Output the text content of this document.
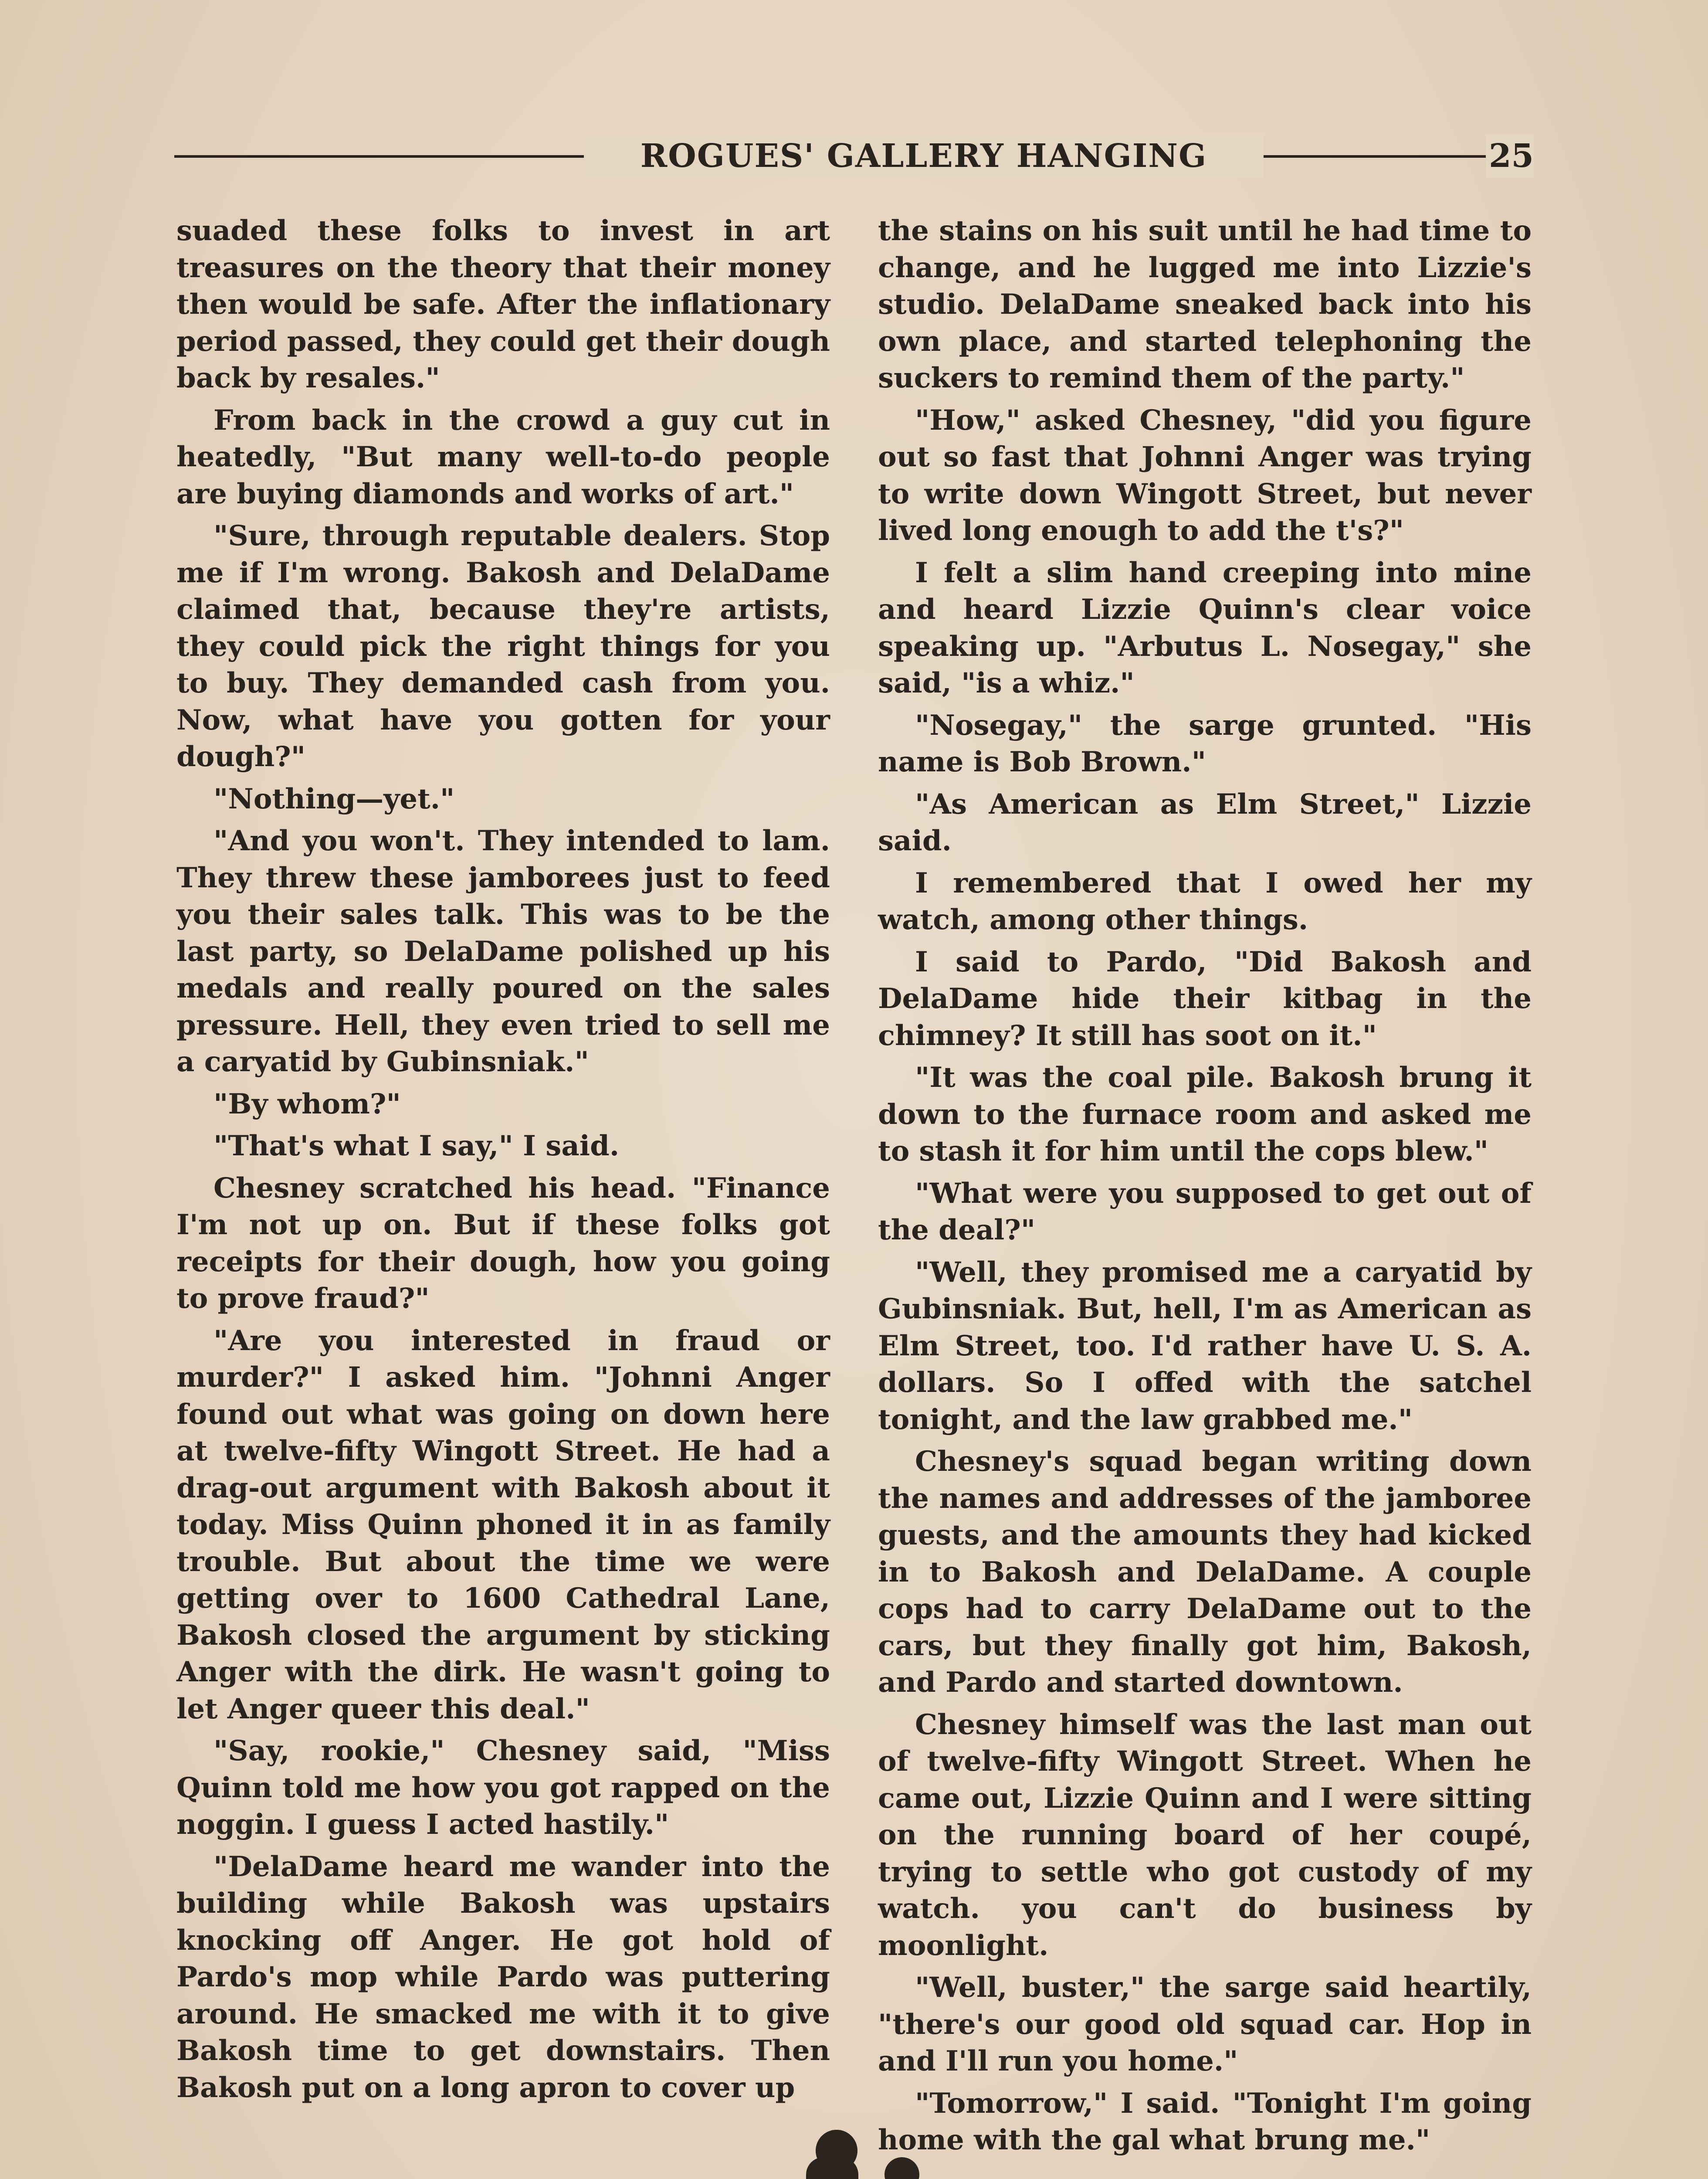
ROGUES' GALLERY HANGING	25

suaded these folks to invest in art treasures on the theory that their money then would be safe. After the inflationary period passed, they could get their dough back by resales."

From back in the crowd a guy cut in heatedly, "But many well-to-do people are buying diamonds and works of art."

"Sure, through reputable dealers. Stop me if I'm wrong. Bakosh and DelaDame claimed that, because they're artists, they could pick the right things for you to buy. They demanded cash from you. Now, what have you gotten for your dough?"

"Nothing—yet."

"And you won't. They intended to lam. They threw these jamborees just to feed you their sales talk. This was to be the last party, so DelaDame polished up his medals and really poured on the sales pressure. Hell, they even tried to sell me a caryatid by Gubinsniak."

"By whom?"

"That's what I say," I said.

Chesney scratched his head. "Finance I'm not up on. But if these folks got receipts for their dough, how you going to prove fraud?"

"Are you interested in fraud or murder?" I asked him. "Johnni Anger found out what was going on down here at twelve-fifty Wingott Street. He had a drag-out argument with Bakosh about it today. Miss Quinn phoned it in as family trouble. But about the time we were getting over to 1600 Cathedral Lane, Bakosh closed the argument by sticking Anger with the dirk. He wasn't going to let Anger queer this deal."

"Say, rookie," Chesney said, "Miss Quinn told me how you got rapped on the noggin. I guess I acted hastily."

"DelaDame heard me wander into the building while Bakosh was upstairs knocking off Anger. He got hold of Pardo's mop while Pardo was puttering around. He smacked me with it to give Bakosh time to get downstairs. Then Bakosh put on a long apron to cover up

the stains on his suit until he had time to change, and he lugged me into Lizzie's studio. DelaDame sneaked back into his own place, and started telephoning the suckers to remind them of the party."

"How," asked Chesney, "did you figure out so fast that Johnni Anger was trying to write down Wingott Street, but never lived long enough to add the t's?"

I felt a slim hand creeping into mine and heard Lizzie Quinn's clear voice speaking up. "Arbutus L. Nosegay," she said, "is a whiz."

"Nosegay," the sarge grunted. "His name is Bob Brown."

"As American as Elm Street," Lizzie said.

I remembered that I owed her my watch, among other things.

I said to Pardo, "Did Bakosh and DelaDame hide their kitbag in the chimney? It still has soot on it."

"It was the coal pile. Bakosh brung it down to the furnace room and asked me to stash it for him until the cops blew."

"What were you supposed to get out of the deal?"

"Well, they promised me a caryatid by Gubinsniak. But, hell, I'm as American as Elm Street, too. I'd rather have U. S. A. dollars. So I offed with the satchel tonight, and the law grabbed me."

Chesney's squad began writing down the names and addresses of the jamboree guests, and the amounts they had kicked in to Bakosh and DelaDame. A couple cops had to carry DelaDame out to the cars, but they finally got him, Bakosh, and Pardo and started downtown.

Chesney himself was the last man out of twelve-fifty Wingott Street. When he came out, Lizzie Quinn and I were sitting on the running board of her coupé, trying to settle who got custody of my watch. you can't do business by moonlight.

"Well, buster," the sarge said heartily, "there's our good old squad car. Hop in and I'll run you home."

"Tomorrow," I said. "Tonight I'm going home with the gal what brung me."
